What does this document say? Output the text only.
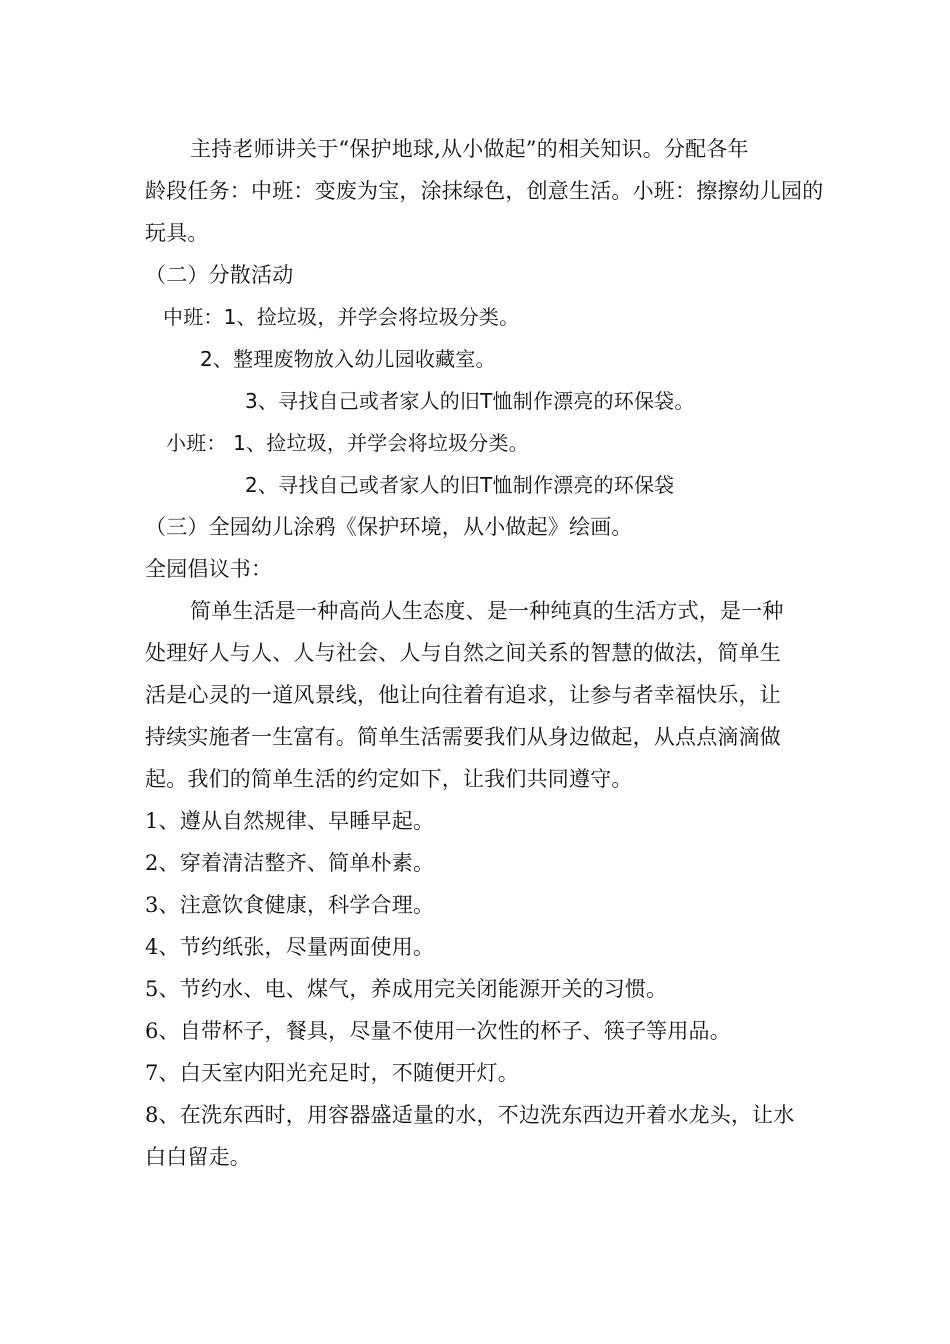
主持老师讲关于“保护地球,从小做起”的相关知识。分配各年
龄段任务：中班：变废为宝，涂抹绿色，创意生活。小班：擦擦幼儿园的
玩具。
（二）分散活动
中班：1、捡垃圾，并学会将垃圾分类。
2、整理废物放入幼儿园收藏室。
3、寻找自己或者家人的旧T恤制作漂亮的环保袋。
小班： 1、捡垃圾，并学会将垃圾分类。
2、寻找自己或者家人的旧T恤制作漂亮的环保袋
（三）全园幼儿涂鸦《保护环境，从小做起》绘画。
全园倡议书：
简单生活是一种高尚人生态度、是一种纯真的生活方式，是一种
处理好人与人、人与社会、人与自然之间关系的智慧的做法，简单生
活是心灵的一道风景线，他让向往着有追求，让参与者幸福快乐，让
持续实施者一生富有。简单生活需要我们从身边做起，从点点滴滴做
起。我们的简单生活的约定如下，让我们共同遵守。
1、遵从自然规律、早睡早起。
2、穿着清洁整齐、简单朴素。
3、注意饮食健康，科学合理。
4、节约纸张，尽量两面使用。
5、节约水、电、煤气，养成用完关闭能源开关的习惯。
6、自带杯子，餐具，尽量不使用一次性的杯子、筷子等用品。
7、白天室内阳光充足时，不随便开灯。
8、在洗东西时，用容器盛适量的水，不边洗东西边开着水龙头，让水
白白留走。
